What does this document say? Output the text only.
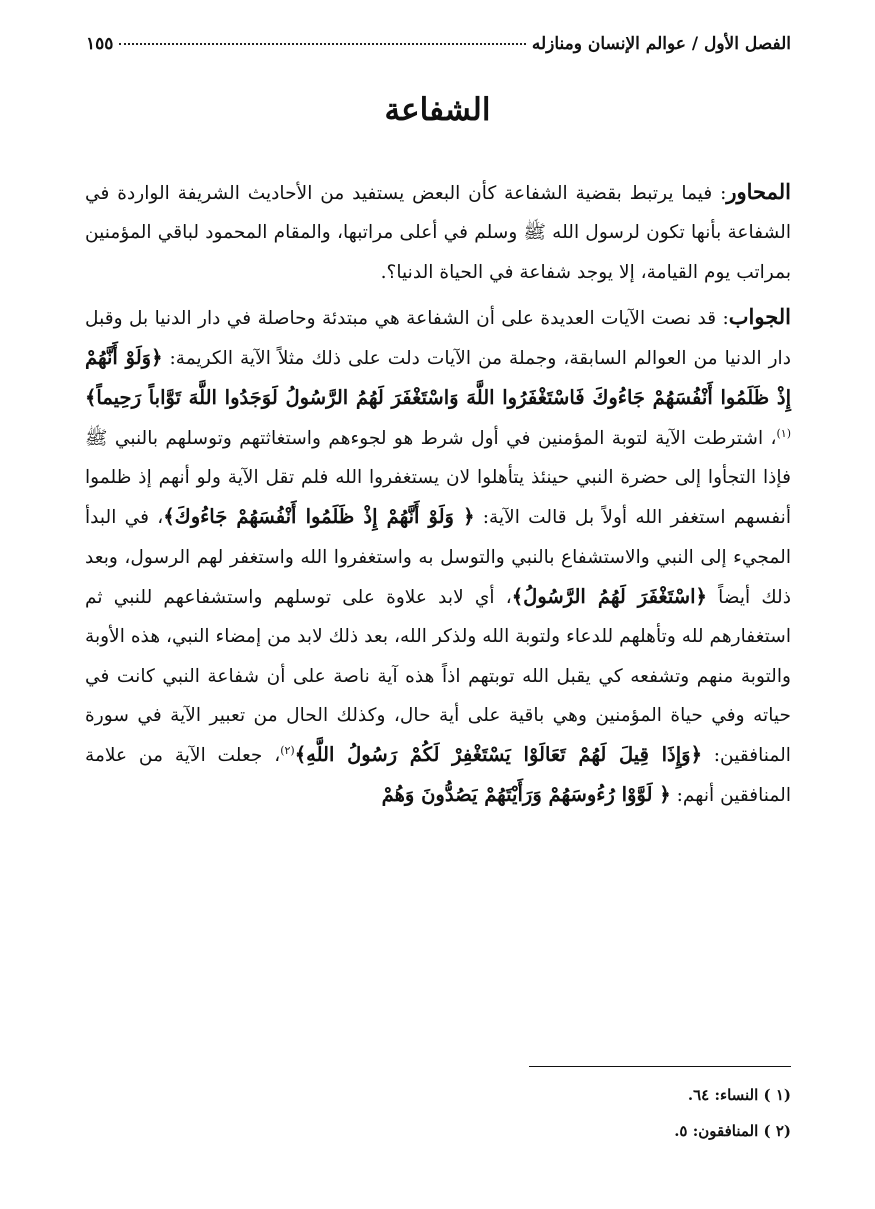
الفصل الأول / عوالم الإنسان ومنازله
١٥٥
الشفاعة

المحاور: فيما يرتبط بقضية الشفاعة كأن البعض يستفيد من الأحاديث الشريفة الواردة في الشفاعة بأنها تكون لرسول الله ﷺ وسلم في أعلى مراتبها، والمقام المحمود لباقي المؤمنين بمراتب يوم القيامة، إلا يوجد شفاعة في الحياة الدنيا؟.

الجواب: قد نصت الآيات العديدة على أن الشفاعة هي مبتدئة وحاصلة في دار الدنيا بل وقبل دار الدنيا من العوالم السابقة، وجملة من الآيات دلت على ذلك مثلاً الآية الكريمة: ﴿وَلَوْ أَنَّهُمْ إِذْ ظَلَمُوا أَنْفُسَهُمْ جَاءُوكَ فَاسْتَغْفَرُوا اللَّهَ وَاسْتَغْفَرَ لَهُمُ الرَّسُولُ لَوَجَدُوا اللَّهَ تَوَّاباً رَحِيماً﴾$^{(١)}$، اشترطت الآية لتوبة المؤمنين في أول شرط هو لجوءهم واستغاثتهم وتوسلهم بالنبي ﷺ فإذا التجأوا إلى حضرة النبي حينئذ يتأهلوا لان يستغفروا الله فلم تقل الآية ولو أنهم إذ ظلموا أنفسهم استغفر الله أولاً بل قالت الآية: ﴿ وَلَوْ أَنَّهُمْ إِذْ ظَلَمُوا أَنْفُسَهُمْ جَاءُوكَ﴾، في البدأ المجيء إلى النبي والاستشفاع بالنبي والتوسل به واستغفروا الله واستغفر لهم الرسول، وبعد ذلك أيضاً ﴿اسْتَغْفَرَ لَهُمُ الرَّسُولُ﴾، أي لابد علاوة على توسلهم واستشفاعهم للنبي ثم استغفارهم لله وتأهلهم للدعاء ولتوبة الله ولذكر الله، بعد ذلك لابد من إمضاء النبي، هذه الأوبة والتوبة منهم وتشفعه كي يقبل الله توبتهم اذاً هذه آية ناصة على أن شفاعة النبي كانت في حياته وفي حياة المؤمنين وهي باقية على أية حال، وكذلك الحال من تعبير الآية في سورة المنافقين: ﴿وَإِذَا قِيلَ لَهُمْ تَعَالَوْا يَسْتَغْفِرْ لَكُمْ رَسُولُ اللَّهِ﴾$^{(٢)}$، جعلت الآية من علامة المنافقين أنهم: ﴿ لَوَّوْا رُءُوسَهُمْ وَرَأَيْتَهُمْ يَصُدُّونَ وَهُمْ

(١ ) النساء: ٦٤.
(٢ ) المنافقون: ٥.
